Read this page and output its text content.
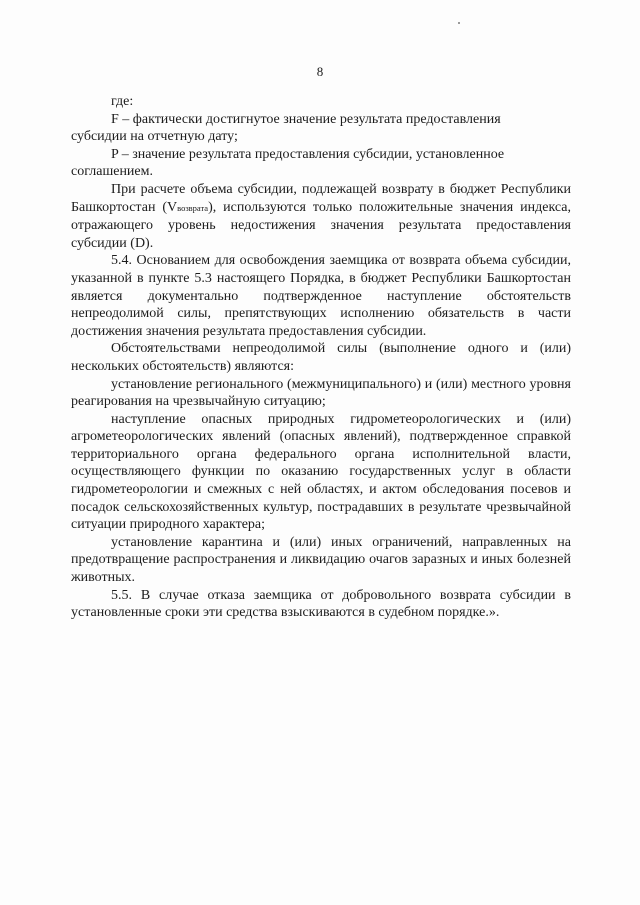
8

где:

F – фактически достигнутое значение результата предоставления

субсидии на отчетную дату;

P – значение результата предоставления субсидии, установленное

соглашением.

При расчете объема субсидии, подлежащей возврату в бюджет Республики Башкортостан (Vвозврата), используются только положительные значения индекса, отражающего уровень недостижения значения результата предоставления субсидии (D).

5.4. Основанием для освобождения заемщика от возврата объема субсидии, указанной в пункте 5.3 настоящего Порядка, в бюджет Республики Башкортостан является документально подтвержденное наступление обстоятельств непреодолимой силы, препятствующих исполнению обязательств в части достижения значения результата предоставления субсидии.

Обстоятельствами непреодолимой силы (выполнение одного и (или) нескольких обстоятельств) являются:

установление регионального (межмуниципального) и (или) местного уровня реагирования на чрезвычайную ситуацию;

наступление опасных природных гидрометеорологических и (или) агрометеорологических явлений (опасных явлений), подтвержденное справкой территориального органа федерального органа исполнительной власти, осуществляющего функции по оказанию государственных услуг в области гидрометеорологии и смежных с ней областях, и актом обследования посевов и посадок сельскохозяйственных культур, пострадавших в результате чрезвычайной ситуации природного характера;

установление карантина и (или) иных ограничений, направленных на предотвращение распространения и ликвидацию очагов заразных и иных болезней животных.

5.5. В случае отказа заемщика от добровольного возврата субсидии в установленные сроки эти средства взыскиваются в судебном порядке.».
